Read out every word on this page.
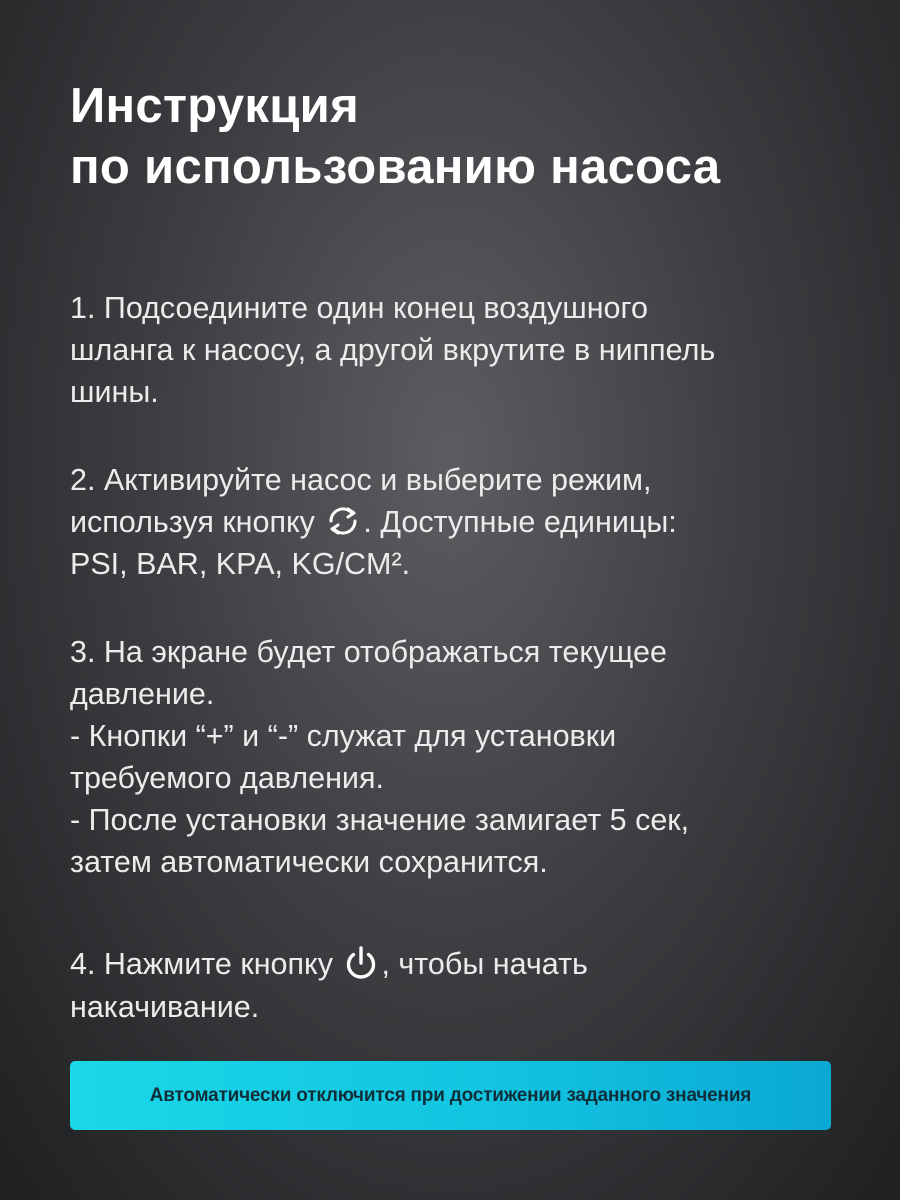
Инструкция
по использованию насоса

1. Подсоедините один конец воздушного

шланга к насосу, а другой вкрутите в ниппель

шины.

2. Активируйте насос и выберите режим,

используя кнопку
. Доступные единицы:

PSI, BAR, KPA, KG/CM².

3. На экране будет отображаться текущее

давление.

- Кнопки “+” и “-” служат для установки

требуемого давления.

- После установки значение замигает 5 сек,

затем автоматически сохранится.

4. Нажмите кнопку
, чтобы начать

накачивание.

Автоматически отключится при достижении заданного значения
